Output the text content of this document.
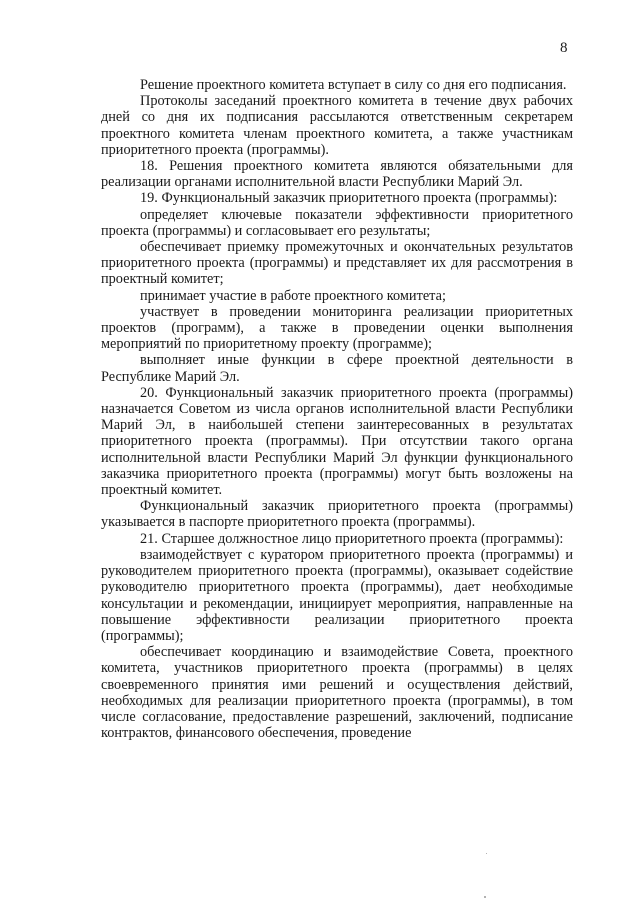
8

Решение проектного комитета вступает в силу со дня его подписания.

Протоколы заседаний проектного комитета в течение двух рабочих дней со дня их подписания рассылаются ответственным секретарем проектного комитета членам проектного комитета, а также участникам приоритетного проекта (программы).

18. Решения проектного комитета являются обязательными для реализации органами исполнительной власти Республики Марий Эл.

19. Функциональный заказчик приоритетного проекта (программы):

определяет ключевые показатели эффективности приоритетного проекта (программы) и согласовывает его результаты;

обеспечивает приемку промежуточных и окончательных результатов приоритетного проекта (программы) и представляет их для рассмотрения в проектный комитет;

принимает участие в работе проектного комитета;

участвует в проведении мониторинга реализации приоритетных проектов (программ), а также в проведении оценки выполнения мероприятий по приоритетному проекту (программе);

выполняет иные функции в сфере проектной деятельности в Республике Марий Эл.

20. Функциональный заказчик приоритетного проекта (программы) назначается Советом из числа органов исполнительной власти Республики Марий Эл, в наибольшей степени заинтересованных в результатах приоритетного проекта (программы). При отсутствии такого органа исполнительной власти Республики Марий Эл функции функционального заказчика приоритетного проекта (программы) могут быть возложены на проектный комитет.

Функциональный заказчик приоритетного проекта (программы) указывается в паспорте приоритетного проекта (программы).

21. Старшее должностное лицо приоритетного проекта (программы):

взаимодействует с куратором приоритетного проекта (программы) и руководителем приоритетного проекта (программы), оказывает содействие руководителю приоритетного проекта (программы), дает необходимые консультации и рекомендации, инициирует мероприятия, направленные на повышение эффективности реализации приоритетного проекта (программы);

обеспечивает координацию и взаимодействие Совета, проектного комитета, участников приоритетного проекта (программы) в целях своевременного принятия ими решений и осуществления действий, необходимых для реализации приоритетного проекта (программы), в том числе согласование, предоставление разрешений, заключений, подписание контрактов, финансового обеспечения, проведение
